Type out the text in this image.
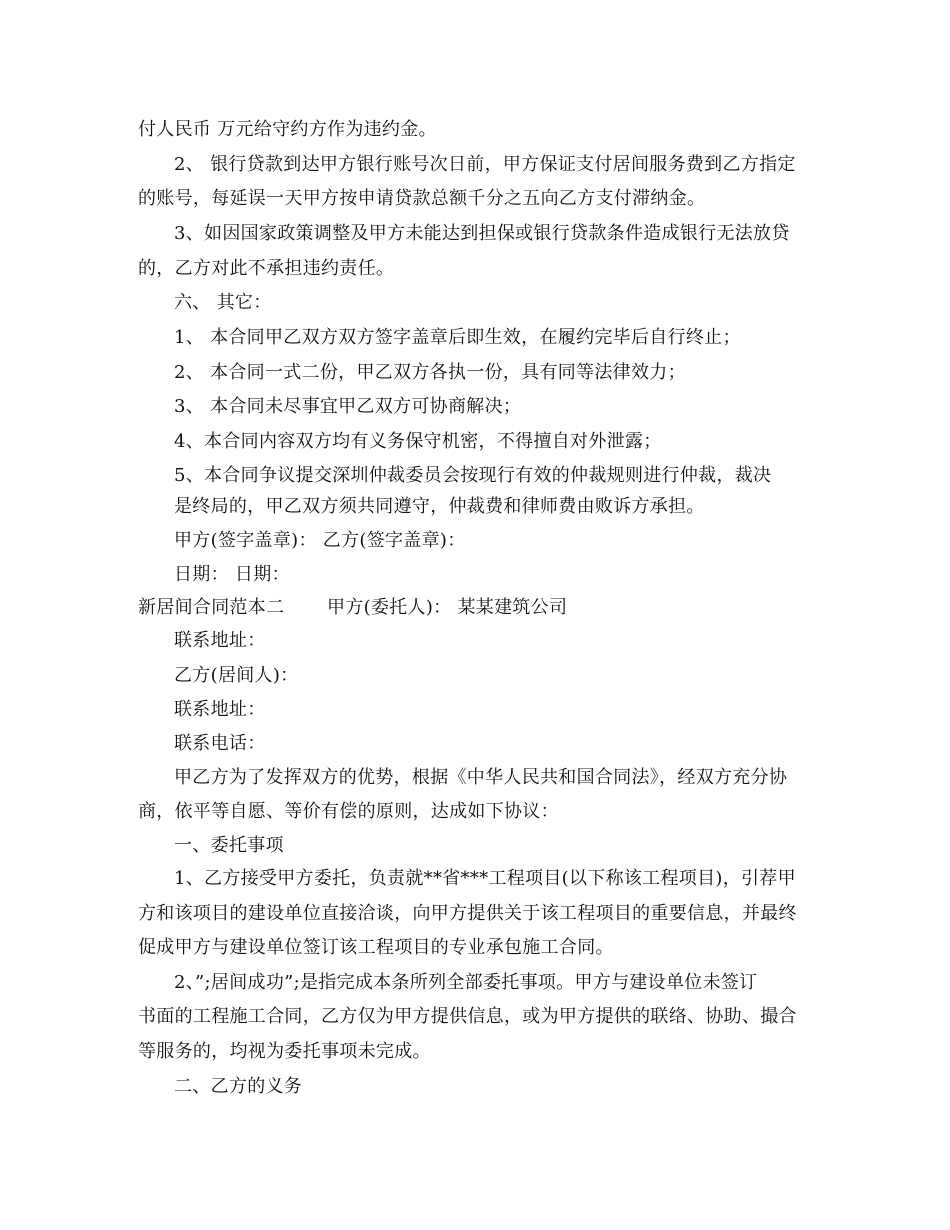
付人民币 万元给守约方作为违约金。
2、 银行贷款到达甲方银行账号次日前，甲方保证支付居间服务费到乙方指定
的账号，每延误一天甲方按申请贷款总额千分之五向乙方支付滞纳金。
3、如因国家政策调整及甲方未能达到担保或银行贷款条件造成银行无法放贷
的，乙方对此不承担违约责任。
六、 其它：
1、 本合同甲乙双方双方签字盖章后即生效，在履约完毕后自行终止；
2、 本合同一式二份，甲乙双方各执一份，具有同等法律效力；
3、 本合同未尽事宜甲乙双方可协商解决；
4、本合同内容双方均有义务保守机密，不得擅自对外泄露；
5、本合同争议提交深圳仲裁委员会按现行有效的仲裁规则进行仲裁，裁决
是终局的，甲乙双方须共同遵守，仲裁费和律师费由败诉方承担。
甲方(签字盖章)： 乙方(签字盖章)：
日期： 日期：
新居间合同范本二　　 甲方(委托人)： 某某建筑公司
联系地址：
乙方(居间人)：
联系地址：
联系电话：
甲乙方为了发挥双方的优势，根据《中华人民共和国合同法》，经双方充分协
商，依平等自愿、等价有偿的原则，达成如下协议：
一、委托事项
1、乙方接受甲方委托，负责就**省***工程项目(以下称该工程项目)，引荐甲
方和该项目的建设单位直接洽谈，向甲方提供关于该工程项目的重要信息，并最终
促成甲方与建设单位签订该工程项目的专业承包施工合同。
2、”;居间成功”;是指完成本条所列全部委托事项。甲方与建设单位未签订
书面的工程施工合同，乙方仅为甲方提供信息，或为甲方提供的联络、协助、撮合
等服务的，均视为委托事项未完成。
二、乙方的义务
